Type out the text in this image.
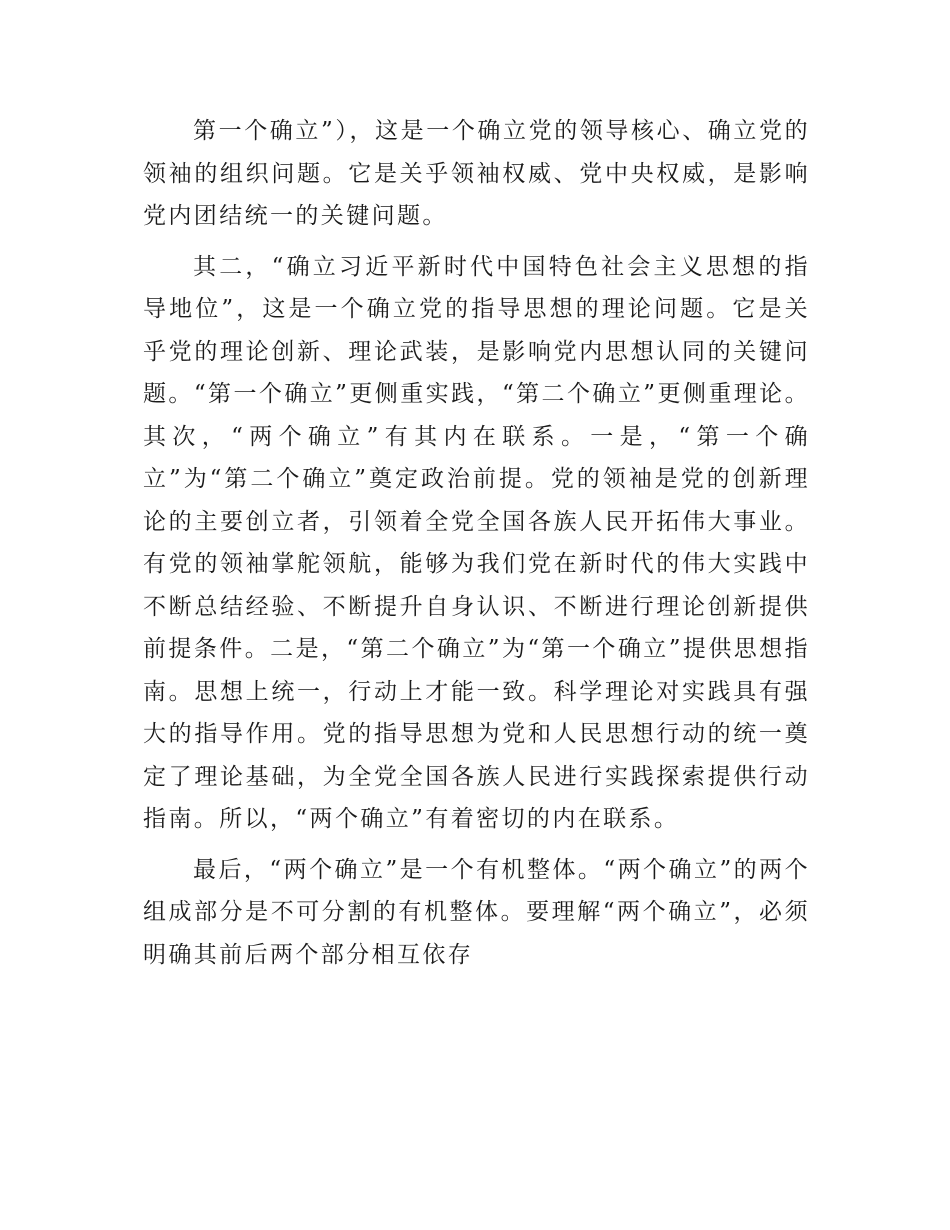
第一个确立”），这是一个确立党的领导核心、确立党的领袖的组织问题。它是关乎领袖权威、党中央权威，是影响党内团结统一的关键问题。

其二，“确立习近平新时代中国特色社会主义思想的指导地位”，这是一个确立党的指导思想的理论问题。它是关乎党的理论创新、理论武装，是影响党内思想认同的关键问题。“第一个确立”更侧重实践，“第二个确立”更侧重理论。其次，“两个确立”有其内在联系。一是，“第一个确立”为“第二个确立”奠定政治前提。党的领袖是党的创新理论的主要创立者，引领着全党全国各族人民开拓伟大事业。有党的领袖掌舵领航，能够为我们党在新时代的伟大实践中不断总结经验、不断提升自身认识、不断进行理论创新提供前提条件。二是，“第二个确立”为“第一个确立”提供思想指南。思想上统一，行动上才能一致。科学理论对实践具有强大的指导作用。党的指导思想为党和人民思想行动的统一奠定了理论基础，为全党全国各族人民进行实践探索提供行动指南。所以，“两个确立”有着密切的内在联系。

最后，“两个确立”是一个有机整体。“两个确立”的两个组成部分是不可分割的有机整体。要理解“两个确立”，必须明确其前后两个部分相互依存
